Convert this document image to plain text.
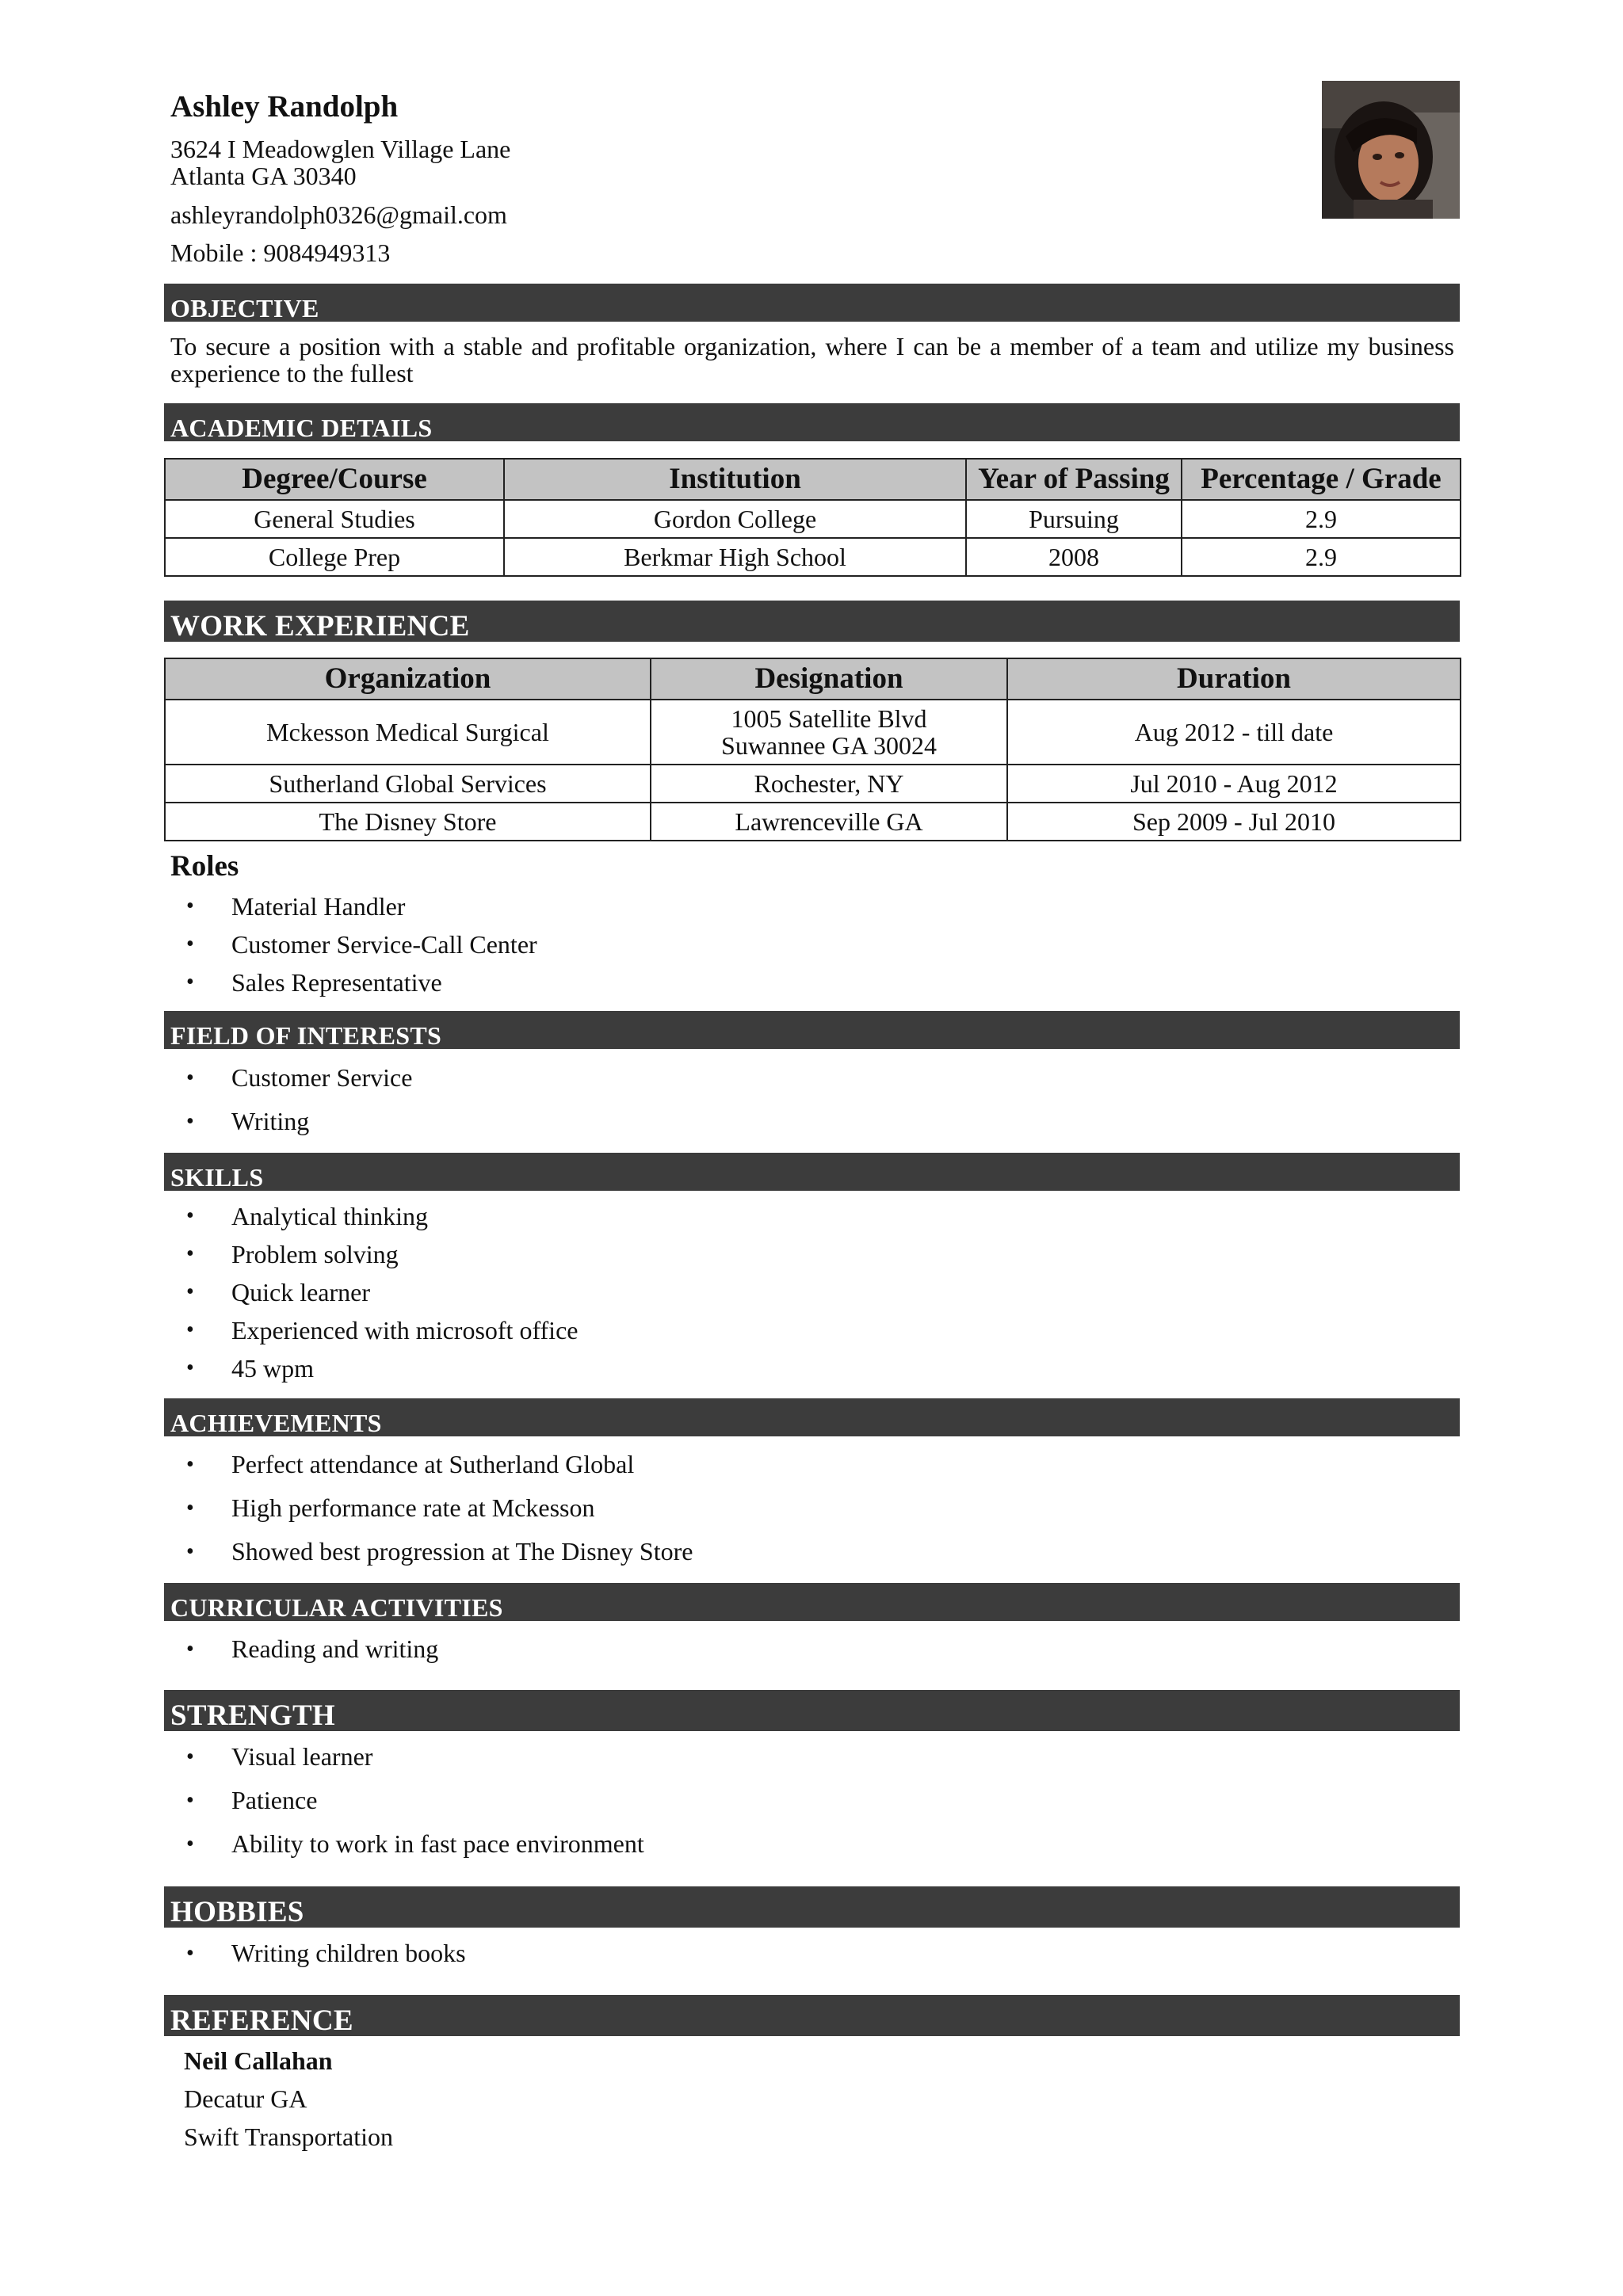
Ashley Randolph
3624 I Meadowglen Village Lane
Atlanta GA 30340
ashleyrandolph0326@gmail.com
Mobile : 9084949313
OBJECTIVE
To secure a position with a stable and profitable organization, where I can be a member of a team and utilize my business experience to the fullest
ACADEMIC DETAILS
Degree/Course	Institution	Year of Passing	Percentage / Grade
General Studies	Gordon College	Pursuing	2.9
College Prep	Berkmar High School	2008	2.9
WORK EXPERIENCE
Organization	Designation	Duration
Mckesson Medical Surgical	1005 Satellite Blvd Suwannee GA 30024	Aug 2012 - till date
Sutherland Global Services	Rochester, NY	Jul 2010 - Aug 2012
The Disney Store	Lawrenceville GA	Sep 2009 - Jul 2010
Roles
• Material Handler
• Customer Service-Call Center
• Sales Representative
FIELD OF INTERESTS
• Customer Service
• Writing
SKILLS
• Analytical thinking
• Problem solving
• Quick learner
• Experienced with microsoft office
• 45 wpm
ACHIEVEMENTS
• Perfect attendance at Sutherland Global
• High performance rate at Mckesson
• Showed best progression at The Disney Store
CURRICULAR ACTIVITIES
• Reading and writing
STRENGTH
• Visual learner
• Patience
• Ability to work in fast pace environment
HOBBIES
• Writing children books
REFERENCE
Neil Callahan
Decatur GA
Swift Transportation
